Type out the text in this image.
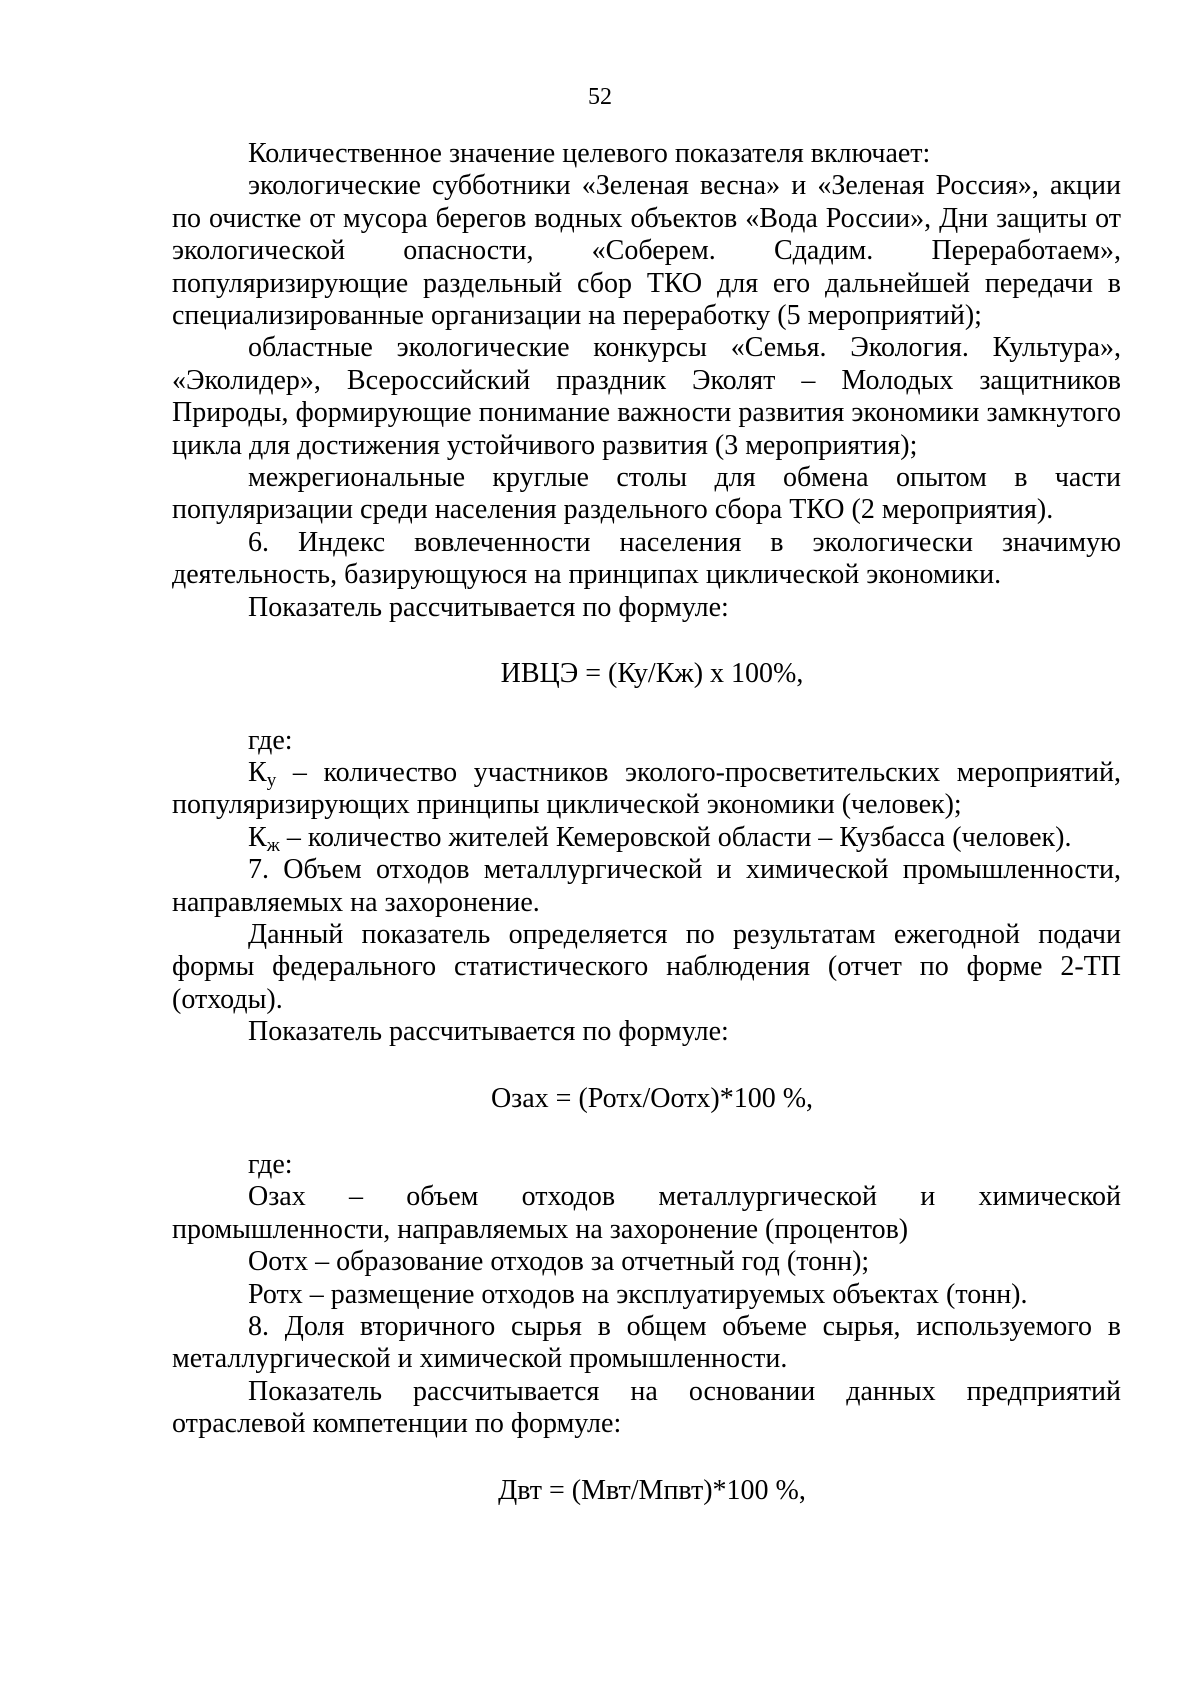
52

Количественное значение целевого показателя включает:

экологические субботники «Зеленая весна» и «Зеленая Россия», акции по очистке от мусора берегов водных объектов «Вода России», Дни защиты от экологической опасности, «Соберем. Сдадим. Переработаем», популяризирующие раздельный сбор ТКО для его дальнейшей передачи в специализированные организации на переработку (5 мероприятий);

областные экологические конкурсы «Семья. Экология. Культура», «Эколидер», Всероссийский праздник Эколят – Молодых защитников Природы, формирующие понимание важности развития экономики замкнутого цикла для достижения устойчивого развития (3 мероприятия);

межрегиональные круглые столы для обмена опытом в части популяризации среди населения раздельного сбора ТКО (2 мероприятия).

6. Индекс вовлеченности населения в экологически значимую деятельность, базирующуюся на принципах циклической экономики.

Показатель рассчитывается по формуле:

ИВЦЭ = (Ку/Кж) х 100%,

где:

$К_у$ – количество участников эколого-просветительских мероприятий, популяризирующих принципы циклической экономики (человек);

$К_ж$ – количество жителей Кемеровской области – Кузбасса (человек).

7. Объем отходов металлургической и химической промышленности, направляемых на захоронение.

Данный показатель определяется по результатам ежегодной подачи формы федерального статистического наблюдения (отчет по форме 2-ТП (отходы).

Показатель рассчитывается по формуле:

Озах = (Ротх/Оотх)*100 %,

где:

Озах – объем отходов металлургической и химической промышленности, направляемых на захоронение (процентов)

Оотх – образование отходов за отчетный год (тонн);

Ротх – размещение отходов на эксплуатируемых объектах (тонн).

8. Доля вторичного сырья в общем объеме сырья, используемого в металлургической и химической промышленности.

Показатель рассчитывается на основании данных предприятий отраслевой компетенции по формуле:

Двт = (Мвт/Мпвт)*100 %,
